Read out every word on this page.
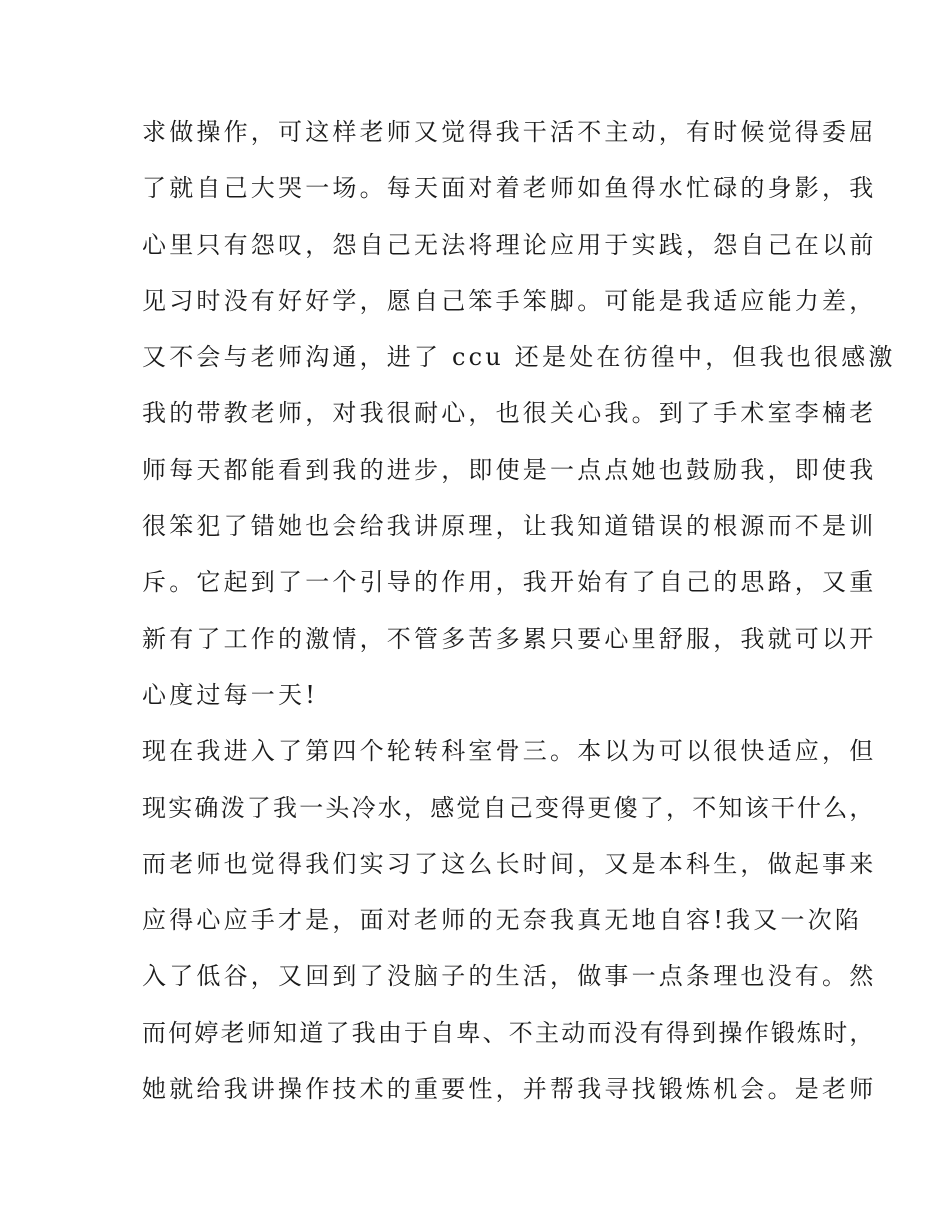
求做操作，可这样老师又觉得我干活不主动，有时候觉得委屈
了就自己大哭一场。每天面对着老师如鱼得水忙碌的身影，我
心里只有怨叹，怨自己无法将理论应用于实践，怨自己在以前
见习时没有好好学，愿自己笨手笨脚。可能是我适应能力差，
又不会与老师沟通，进了 ccu 还是处在彷徨中，但我也很感激
我的带教老师，对我很耐心，也很关心我。到了手术室李楠老
师每天都能看到我的进步，即使是一点点她也鼓励我，即使我
很笨犯了错她也会给我讲原理，让我知道错误的根源而不是训
斥。它起到了一个引导的作用，我开始有了自己的思路，又重
新有了工作的激情，不管多苦多累只要心里舒服，我就可以开
心度过每一天!
现在我进入了第四个轮转科室骨三。本以为可以很快适应，但
现实确泼了我一头冷水，感觉自己变得更傻了，不知该干什么，
而老师也觉得我们实习了这么长时间，又是本科生，做起事来
应得心应手才是，面对老师的无奈我真无地自容!我又一次陷
入了低谷，又回到了没脑子的生活，做事一点条理也没有。然
而何婷老师知道了我由于自卑、不主动而没有得到操作锻炼时，
她就给我讲操作技术的重要性，并帮我寻找锻炼机会。是老师
